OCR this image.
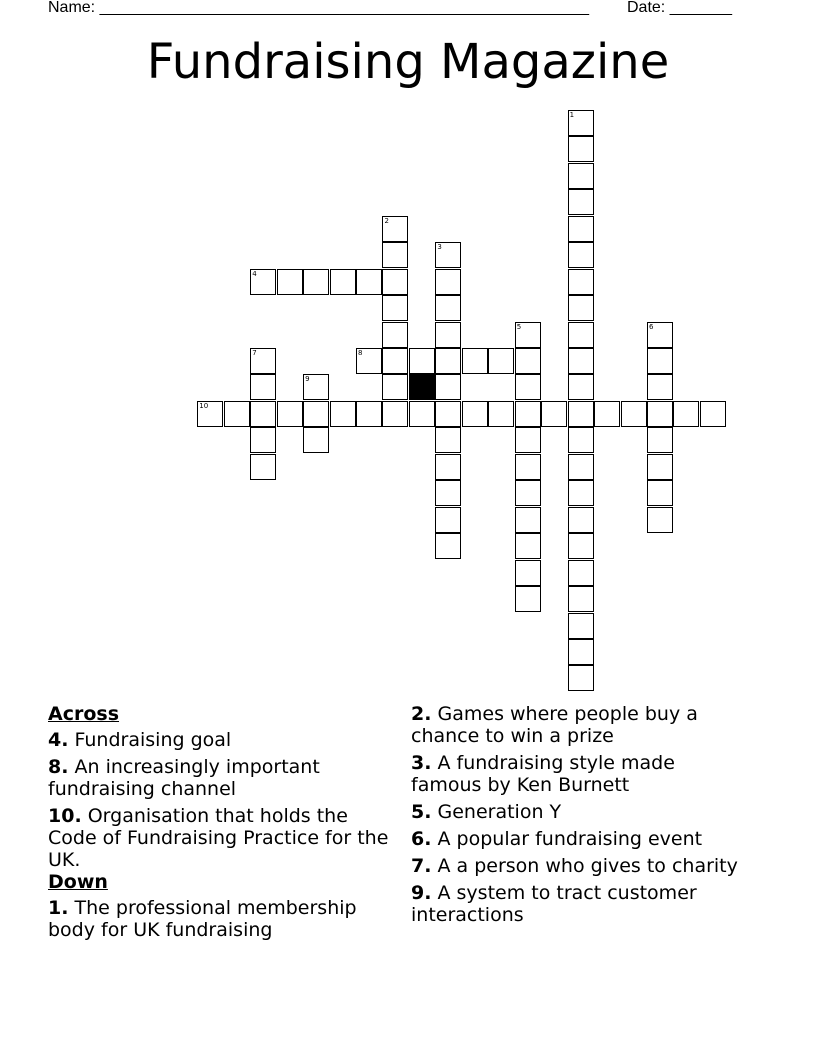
Name: _______________________________________________________ Date: _______
Fundraising Magazine
4
8
10
1
2
3
5	6
7
9
Across
4. Fundraising goal
8. An increasingly important fundraising channel
10. Organisation that holds the Code of Fundraising Practice for the UK.
Down
1. The professional membership body for UK fundraising
2. Games where people buy a chance to win a prize
3. A fundraising style made famous by Ken Burnett
5. Generation Y
6. A popular fundraising event
7. A a person who gives to charity
9. A system to tract customer interactions
